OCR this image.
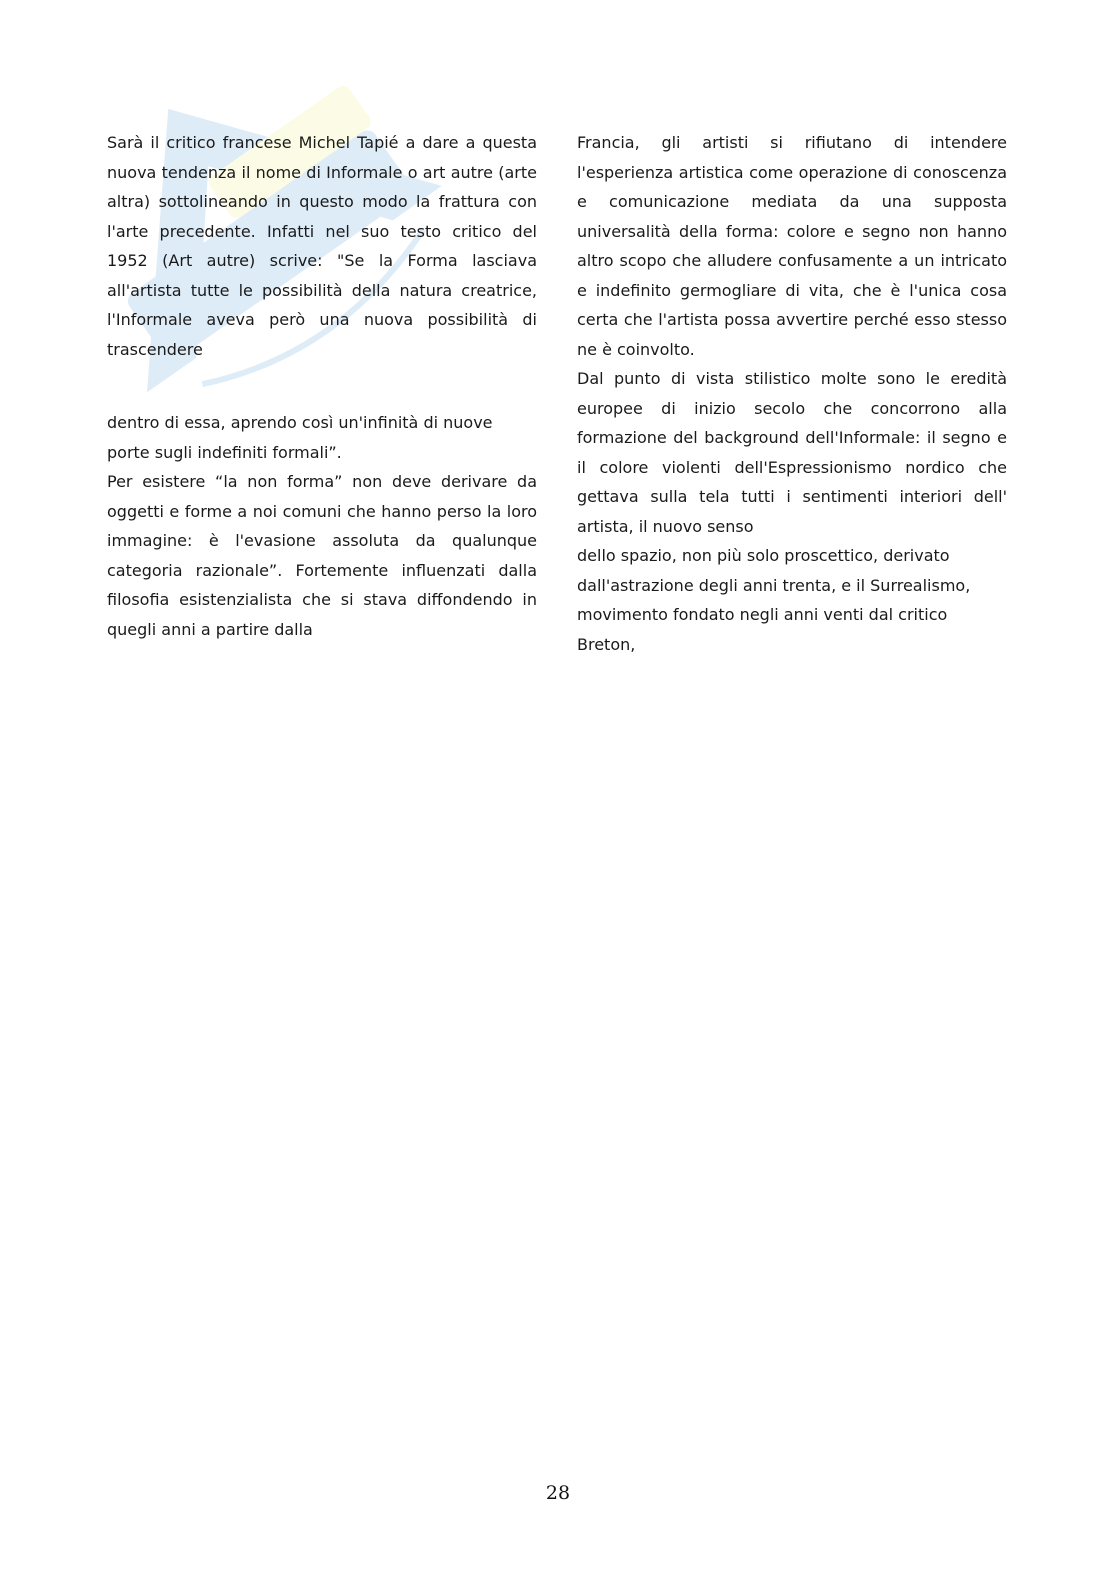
Sarà il critico francese Michel Tapié a dare a questa nuova tendenza il nome di Informale o art autre (arte altra) sottolineando in questo modo la frattura con l'arte precedente. Infatti nel suo testo critico del 1952 (Art autre) scrive: "Se la Forma lasciava all'artista tutte le possibilità della natura creatrice, l'Informale aveva però una nuova possibilità di trascendere

dentro di essa, aprendo così un'infinità di nuove porte sugli indefiniti formali”.

Per esistere “la non forma” non deve derivare da oggetti e forme a noi comuni che hanno perso la loro immagine: è l'evasione assoluta da qualunque categoria razionale”. Fortemente influenzati dalla filosofia esistenzialista che si stava diffondendo in quegli anni a partire dalla

Francia, gli artisti si rifiutano di intendere l'esperienza artistica come operazione di conoscenza e comunicazione mediata da una supposta universalità della forma: colore e segno non hanno altro scopo che alludere confusamente a un intricato e indefinito germogliare di vita, che è l'unica cosa certa che l'artista possa avvertire perché esso stesso ne è coinvolto.

Dal punto di vista stilistico molte sono le eredità europee di inizio secolo che concorrono alla formazione del background dell'Informale: il segno e il colore violenti dell'Espressionismo nordico che gettava sulla tela tutti i sentimenti interiori dell' artista, il nuovo senso

dello spazio, non più solo proscettico, derivato dall'astrazione degli anni trenta, e il Surrealismo, movimento fondato negli anni venti dal critico Breton,

28
